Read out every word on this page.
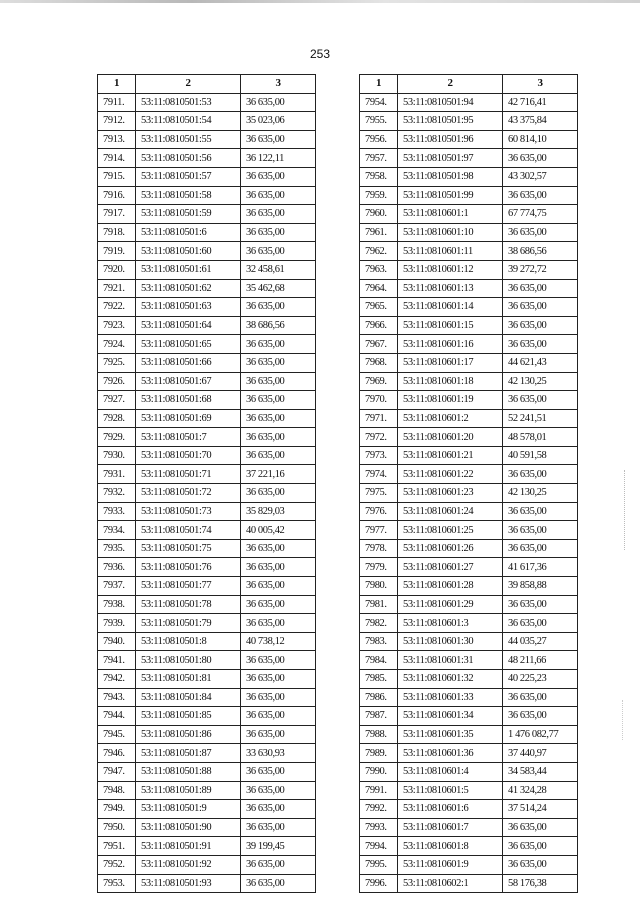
253
1	2	3
7911.	53:11:0810501:53	36 635,00
7912.	53:11:0810501:54	35 023,06
7913.	53:11:0810501:55	36 635,00
7914.	53:11:0810501:56	36 122,11
7915.	53:11:0810501:57	36 635,00
7916.	53:11:0810501:58	36 635,00
7917.	53:11:0810501:59	36 635,00
7918.	53:11:0810501:6	36 635,00
7919.	53:11:0810501:60	36 635,00
7920.	53:11:0810501:61	32 458,61
7921.	53:11:0810501:62	35 462,68
7922.	53:11:0810501:63	36 635,00
7923.	53:11:0810501:64	38 686,56
7924.	53:11:0810501:65	36 635,00
7925.	53:11:0810501:66	36 635,00
7926.	53:11:0810501:67	36 635,00
7927.	53:11:0810501:68	36 635,00
7928.	53:11:0810501:69	36 635,00
7929.	53:11:0810501:7	36 635,00
7930.	53:11:0810501:70	36 635,00
7931.	53:11:0810501:71	37 221,16
7932.	53:11:0810501:72	36 635,00
7933.	53:11:0810501:73	35 829,03
7934.	53:11:0810501:74	40 005,42
7935.	53:11:0810501:75	36 635,00
7936.	53:11:0810501:76	36 635,00
7937.	53:11:0810501:77	36 635,00
7938.	53:11:0810501:78	36 635,00
7939.	53:11:0810501:79	36 635,00
7940.	53:11:0810501:8	40 738,12
7941.	53:11:0810501:80	36 635,00
7942.	53:11:0810501:81	36 635,00
7943.	53:11:0810501:84	36 635,00
7944.	53:11:0810501:85	36 635,00
7945.	53:11:0810501:86	36 635,00
7946.	53:11:0810501:87	33 630,93
7947.	53:11:0810501:88	36 635,00
7948.	53:11:0810501:89	36 635,00
7949.	53:11:0810501:9	36 635,00
7950.	53:11:0810501:90	36 635,00
7951.	53:11:0810501:91	39 199,45
7952.	53:11:0810501:92	36 635,00
7953.	53:11:0810501:93	36 635,00
1	2	3
7954.	53:11:0810501:94	42 716,41
7955.	53:11:0810501:95	43 375,84
7956.	53:11:0810501:96	60 814,10
7957.	53:11:0810501:97	36 635,00
7958.	53:11:0810501:98	43 302,57
7959.	53:11:0810501:99	36 635,00
7960.	53:11:0810601:1	67 774,75
7961.	53:11:0810601:10	36 635,00
7962.	53:11:0810601:11	38 686,56
7963.	53:11:0810601:12	39 272,72
7964.	53:11:0810601:13	36 635,00
7965.	53:11:0810601:14	36 635,00
7966.	53:11:0810601:15	36 635,00
7967.	53:11:0810601:16	36 635,00
7968.	53:11:0810601:17	44 621,43
7969.	53:11:0810601:18	42 130,25
7970.	53:11:0810601:19	36 635,00
7971.	53:11:0810601:2	52 241,51
7972.	53:11:0810601:20	48 578,01
7973.	53:11:0810601:21	40 591,58
7974.	53:11:0810601:22	36 635,00
7975.	53:11:0810601:23	42 130,25
7976.	53:11:0810601:24	36 635,00
7977.	53:11:0810601:25	36 635,00
7978.	53:11:0810601:26	36 635,00
7979.	53:11:0810601:27	41 617,36
7980.	53:11:0810601:28	39 858,88
7981.	53:11:0810601:29	36 635,00
7982.	53:11:0810601:3	36 635,00
7983.	53:11:0810601:30	44 035,27
7984.	53:11:0810601:31	48 211,66
7985.	53:11:0810601:32	40 225,23
7986.	53:11:0810601:33	36 635,00
7987.	53:11:0810601:34	36 635,00
7988.	53:11:0810601:35	1 476 082,77
7989.	53:11:0810601:36	37 440,97
7990.	53:11:0810601:4	34 583,44
7991.	53:11:0810601:5	41 324,28
7992.	53:11:0810601:6	37 514,24
7993.	53:11:0810601:7	36 635,00
7994.	53:11:0810601:8	36 635,00
7995.	53:11:0810601:9	36 635,00
7996.	53:11:0810602:1	58 176,38
